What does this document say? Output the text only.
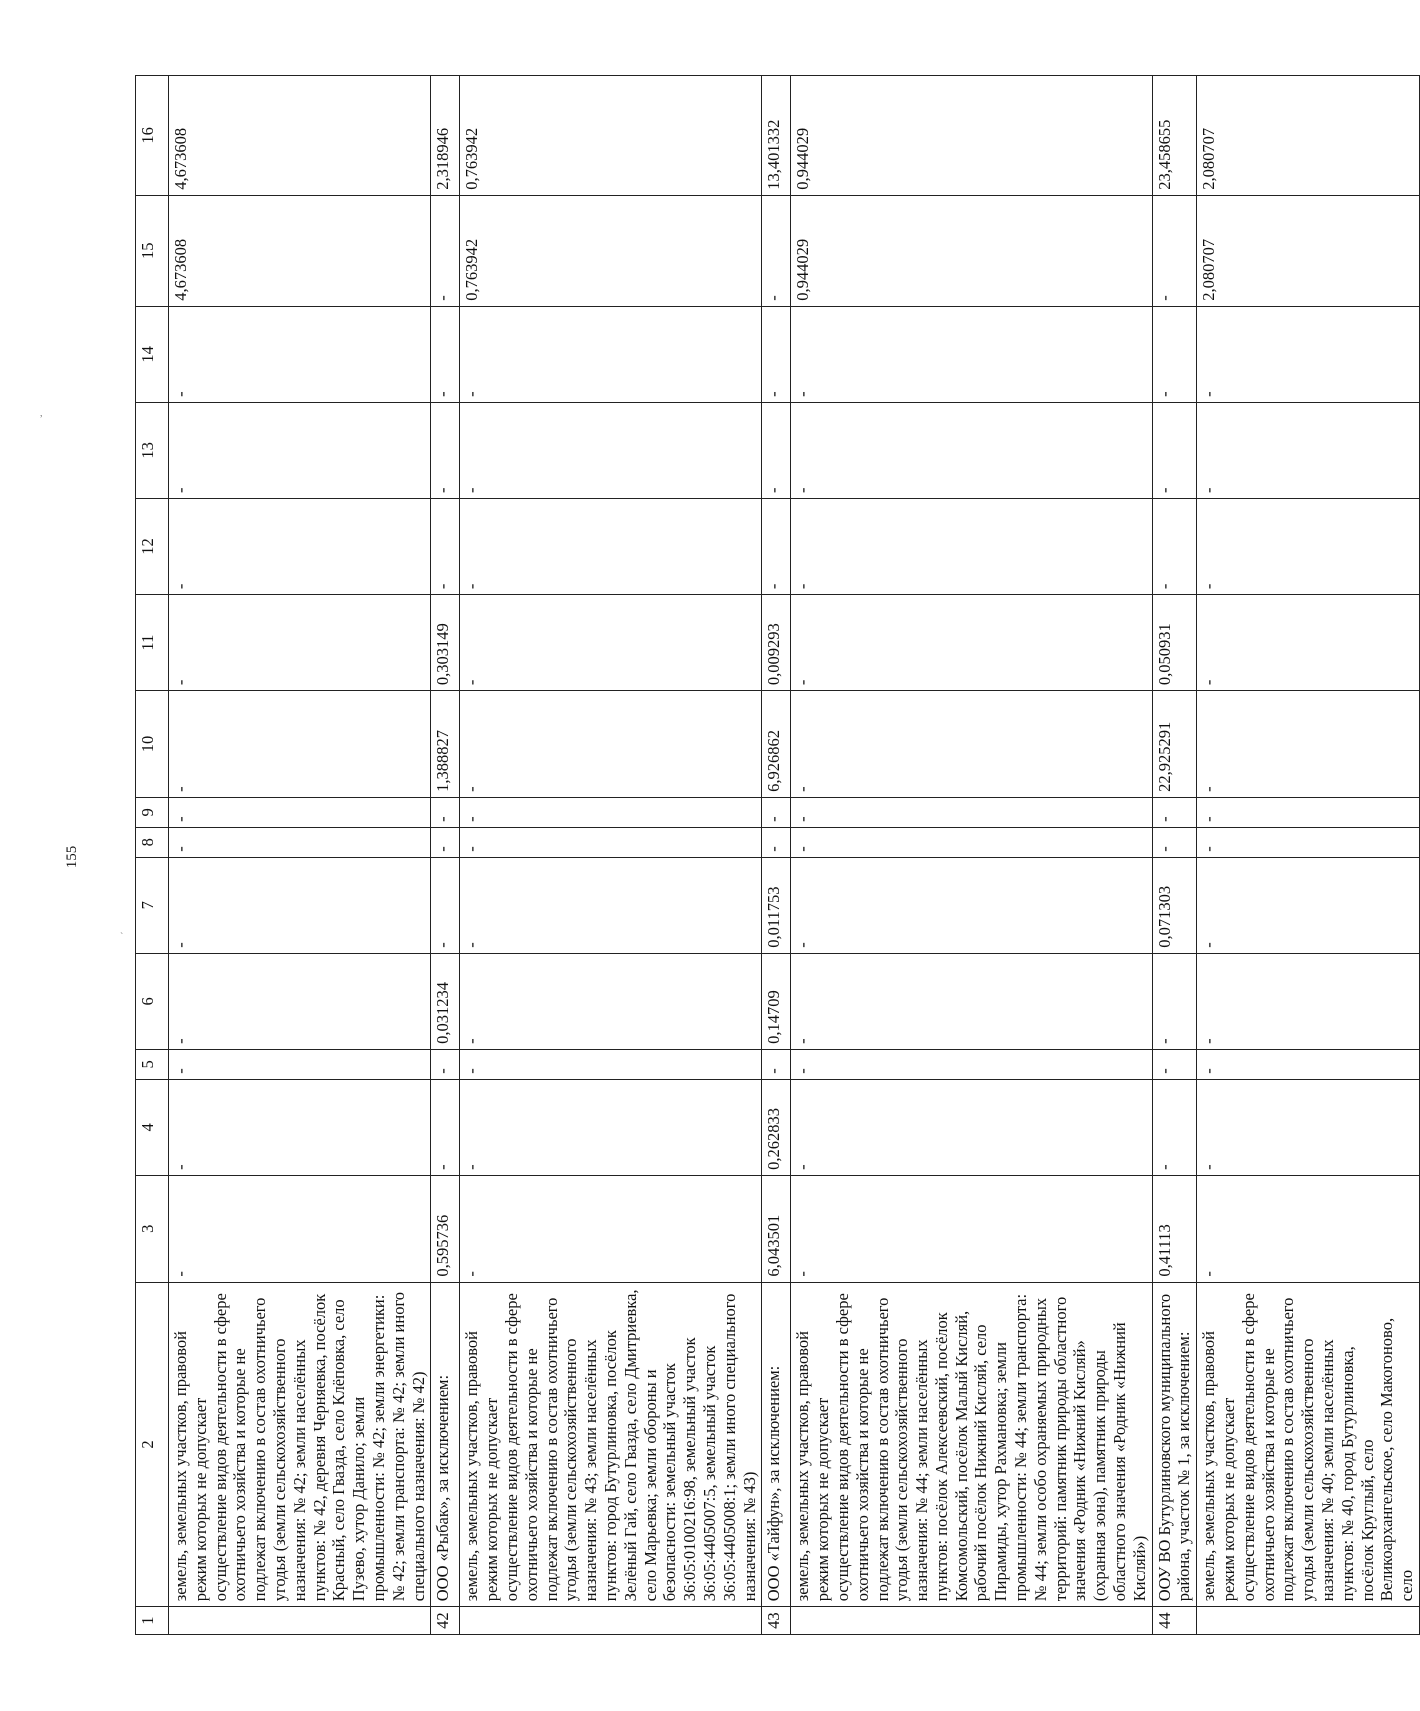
155
,
`
1	2	3	4	5	6	7	8	9	10	11	12	13	14	15	16
	земель, земельных участков, правовой режим которых не допускает осуществление видов деятельности в сфере охотничьего хозяйства и которые не подлежат включению в состав охотничьего угодья (земли сельскохозяйственного назначения: № 42; земли населённых пунктов: № 42, деревня Черняевка, посёлок Красный, село Гвазда, село Клёповка, село Пузево, хутор Данило; земли промышленности: № 42; земли энергетики: № 42; земли транспорта: № 42; земли иного специального назначения: № 42)	-	-	-	-	-	-	-	-	-	-	-	-	4,673608	4,673608
42	ООО «Рыбак», за исключением:	0,595736	-	-	0,031234	-	-	-	1,388827	0,303149	-	-	-	-	2,318946
	земель, земельных участков, правовой режим которых не допускает осуществление видов деятельности в сфере охотничьего хозяйства и которые не подлежат включению в состав охотничьего угодья (земли сельскохозяйственного назначения: № 43; земли населённых пунктов: город Бутурлиновка, посёлок Зелёный Гай, село Гвазда, село Дмитриевка, село Марьевка; земли обороны и безопасности: земельный участок 36:05:0100216:98, земельный участок 36:05:4405007:5, земельный участок 36:05:4405008:1; земли иного специального назначения: № 43)	-	-	-	-	-	-	-	-	-	-	-	-	0,763942	0,763942
43	ООО «Тайфун», за исключением:	6,043501	0,262833	-	0,14709	0,011753	-	-	6,926862	0,009293	-	-	-	-	13,401332
	земель, земельных участков, правовой режим которых не допускает осуществление видов деятельности в сфере охотничьего хозяйства и которые не подлежат включению в состав охотничьего угодья (земли сельскохозяйственного назначения: № 44; земли населённых пунктов: посёлок Алексеевский, посёлок Комсомольский, посёлок Малый Кисляй, рабочий посёлок Нижний Кисляй, село Пирамиды, хутор Рахмановка; земли промышленности: № 44; земли транспорта: № 44; земли особо охраняемых природных территорий: памятник природы областного значения «Родник «Нижний Кисляй» (охранная зона), памятник природы областного значения «Родник «Нижний Кисляй»)	-	-	-	-	-	-	-	-	-	-	-	-	0,944029	0,944029
44	ООУ ВО Бутурлиновского муниципального района, участок № 1, за исключением:	0,41113	-	-	-	0,071303	-	-	22,925291	0,050931	-	-	-	-	23,458655
	земель, земельных участков, правовой режим которых не допускает осуществление видов деятельности в сфере охотничьего хозяйства и которые не подлежат включению в состав охотничьего угодья (земли сельскохозяйственного назначения: № 40; земли населённых пунктов: № 40, город Бутурлиновка, посёлок Круглый, село Великоархангельское, село Макогоново, село	-	-	-	-	-	-	-	-	-	-	-	-	2,080707	2,080707
